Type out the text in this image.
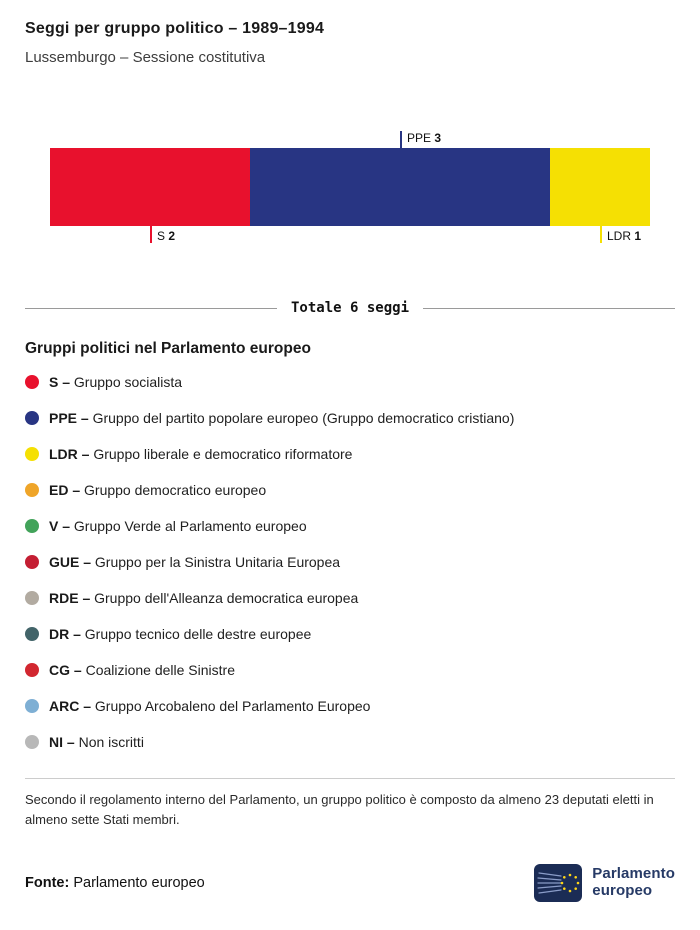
Seggi per gruppo politico – 1989–1994
Lussemburgo – Sessione costitutiva
PPE 3
S 2	LDR 1
Totale 6 seggi
Gruppi politici nel Parlamento europeo
S – Gruppo socialista
PPE – Gruppo del partito popolare europeo (Gruppo democratico cristiano)
LDR – Gruppo liberale e democratico riformatore
ED – Gruppo democratico europeo
V – Gruppo Verde al Parlamento europeo
GUE – Gruppo per la Sinistra Unitaria Europea
RDE – Gruppo dell'Alleanza democratica europea
DR – Gruppo tecnico delle destre europee
CG – Coalizione delle Sinistre
ARC – Gruppo Arcobaleno del Parlamento Europeo
NI – Non iscritti
Secondo il regolamento interno del Parlamento, un gruppo politico è composto da almeno 23 deputati eletti in almeno sette Stati membri.
Fonte: Parlamento europeo
Parlamento
europeo
